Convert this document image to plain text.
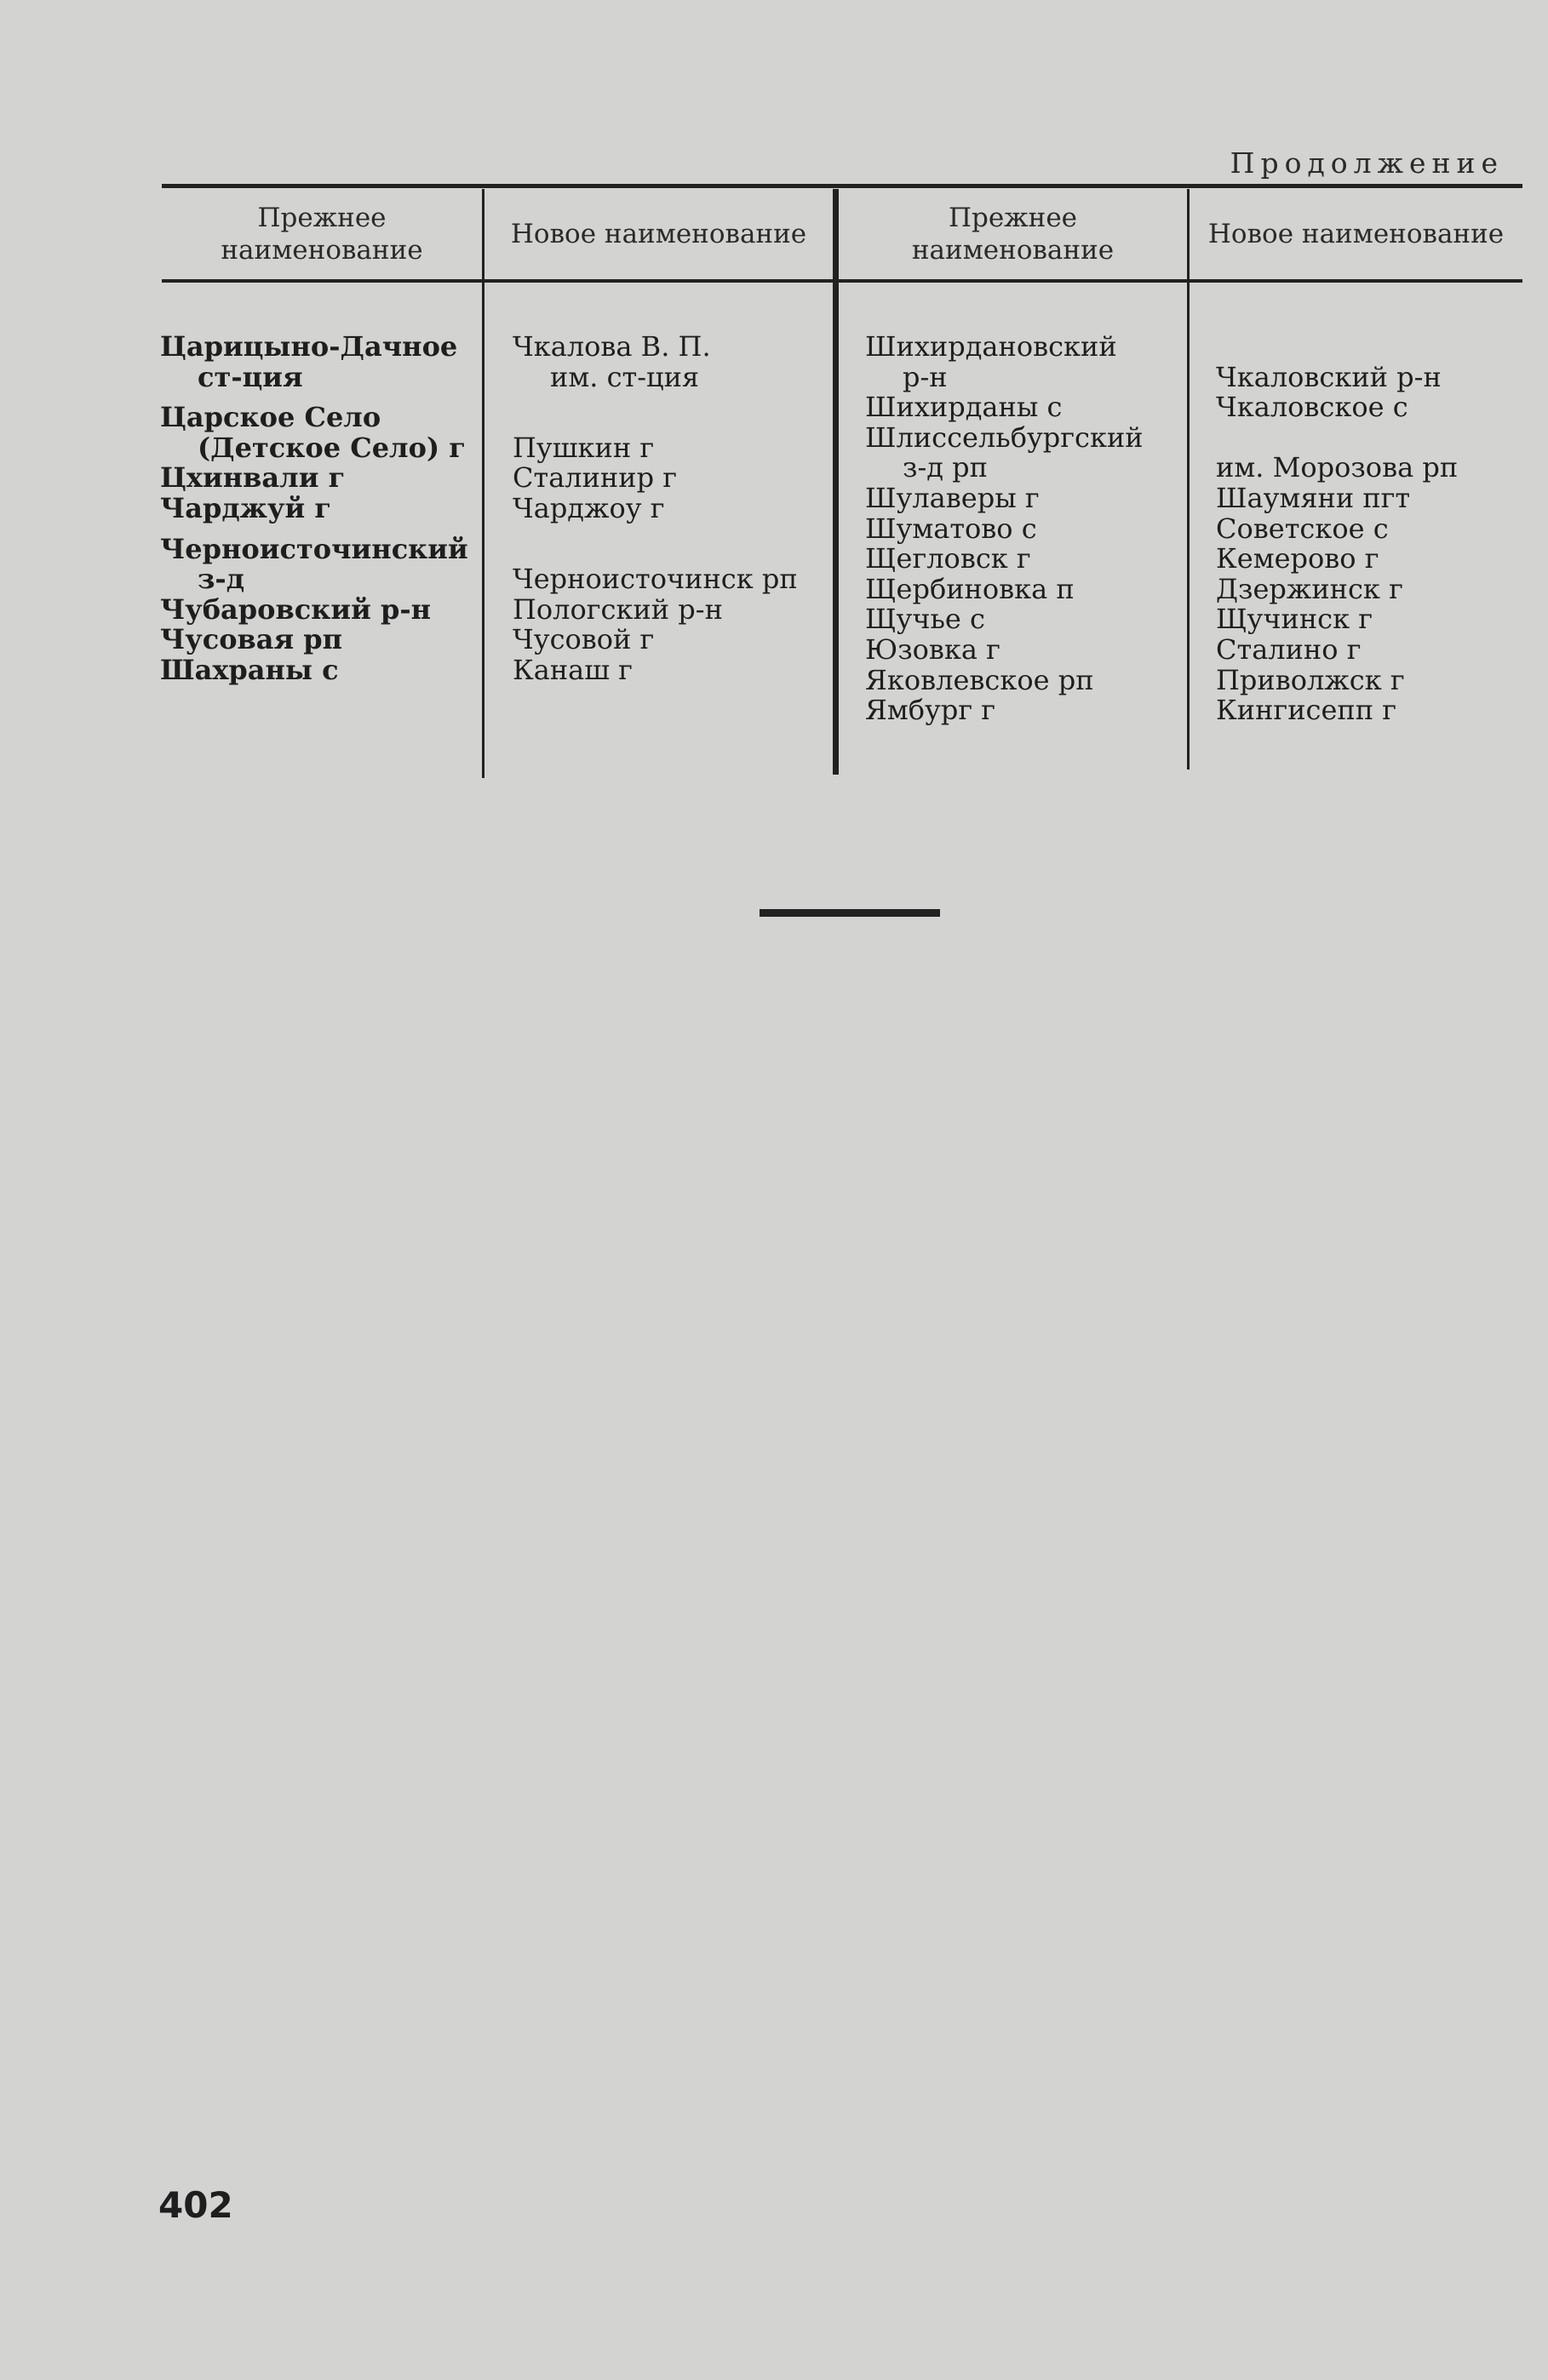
Продолжение
Прежнее наименование
Новое наименование
Прежнее наименование
Новое наименование
Царицыно-Дачное
ст-ция
Царское Село
(Детское Село) г
Цхинвали г
Чарджуй г
Черноисточинский
з-д
Чубаровский р-н
Чусовая рп
Шахраны с
Чкалова В. П.
им. ст-ция
Пушкин г
Сталинир г
Чарджоу г
Черноисточинск рп
Пологский р-н
Чусовой г
Канаш г
Шихирдановский
р-н
Шихирданы с
Шлиссельбургский
з-д рп
Шулаверы г
Шуматово с
Щегловск г
Щербиновка п
Щучье с
Юзовка г
Яковлевское рп
Ямбург г
Чкаловский р-н
Чкаловское с
им. Морозова рп
Шаумяни пгт
Советское с
Кемерово г
Дзержинск г
Щучинск г
Сталино г
Приволжск г
Кингисепп г
402
